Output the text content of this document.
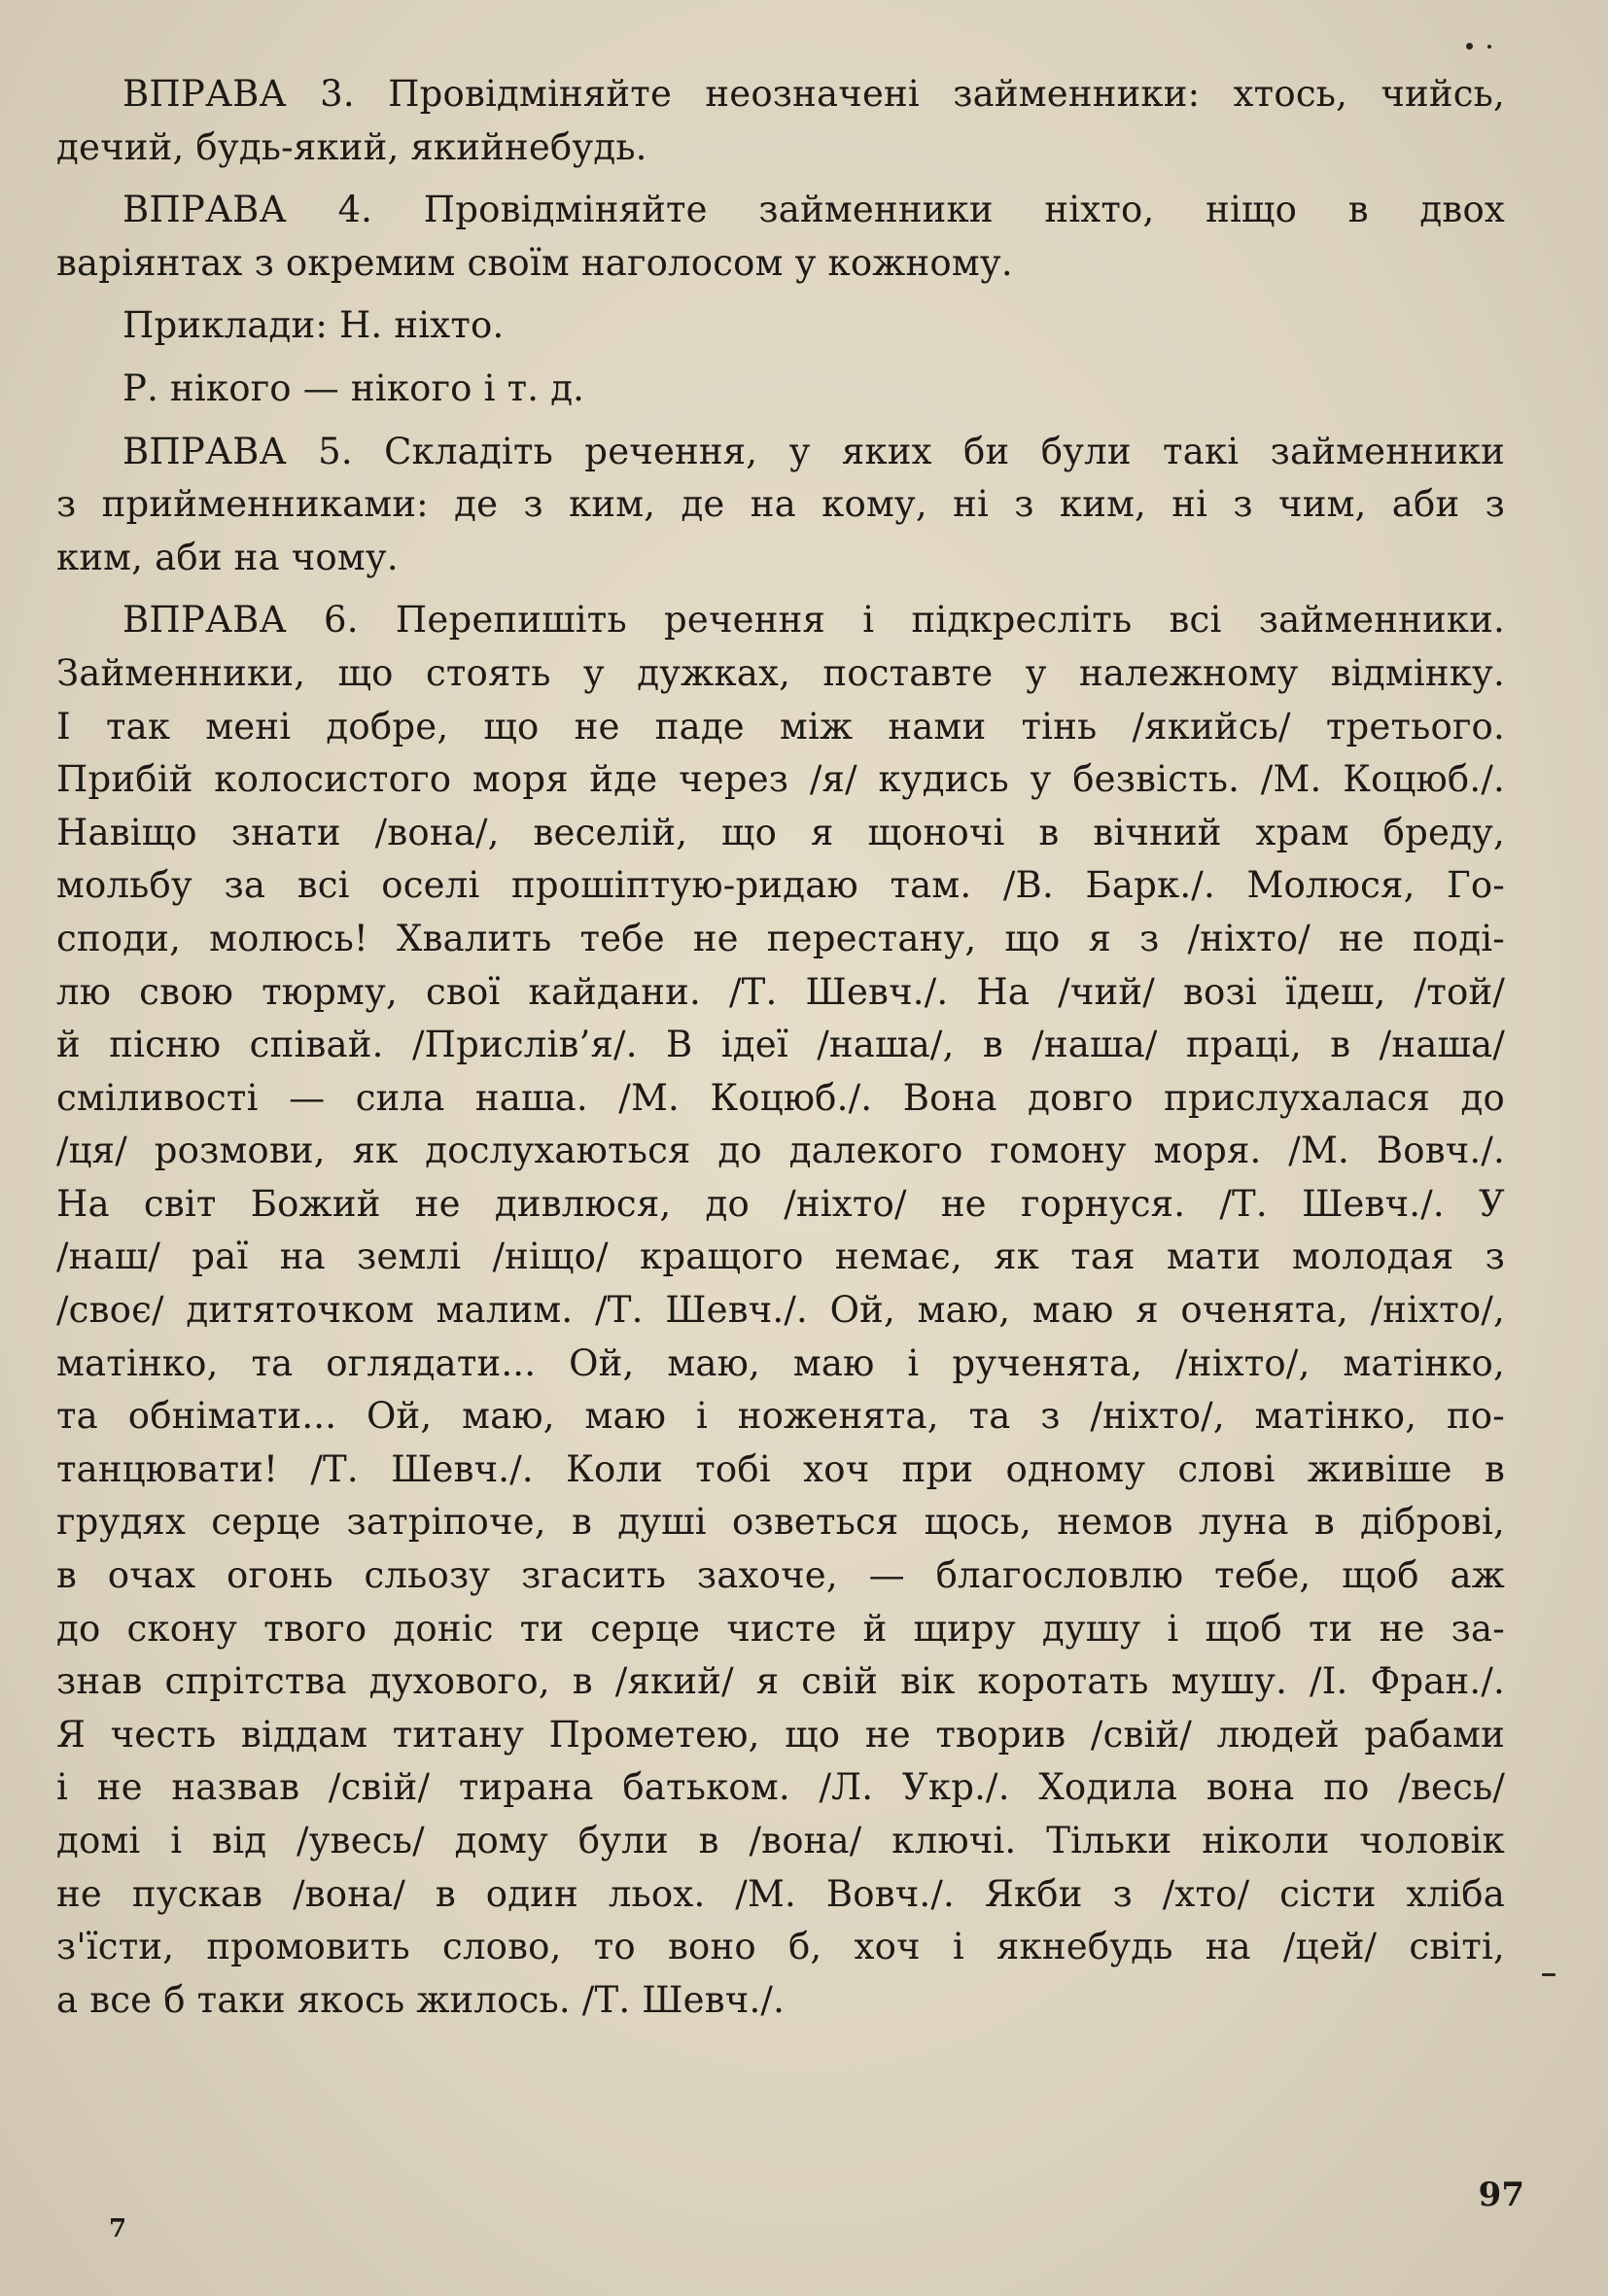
ВПРАВА 3. Провідміняйте неозначені займенники: хтось, чийсь,
дечий, будь-який, якийнебудь.
ВПРАВА 4. Провідміняйте займенники ніхто, ніщо в двох
варіянтах з окремим своїм наголосом у кожному.
Приклади: Н. ніхто.
Р. нікого — нікого і т. д.
ВПРАВА 5. Складіть речення, у яких би були такі займенники
з прийменниками: де з ким, де на кому, ні з ким, ні з чим, аби з
ким, аби на чому.
ВПРАВА 6. Перепишіть речення і підкресліть всі займенники.
Займенники, що стоять у дужках, поставте у належному відмінку.
І так мені добре, що не паде між нами тінь /якийсь/ третього.
Прибій колосистого моря йде через /я/ кудись у безвість. /М. Коцюб./.
Навіщо знати /вона/, веселій, що я щоночі в вічний храм бреду,
мольбу за всі оселі прошіптую-ридаю там. /В. Барк./. Молюся, Го-
споди, молюсь! Хвалить тебе не перестану, що я з /ніхто/ не поді-
лю свою тюрму, свої кайдани. /Т. Шевч./. На /чий/ возі їдеш, /той/
й пісню співай. /Прислів’я/. В ідеї /наша/, в /наша/ праці, в /наша/
сміливості — сила наша. /М. Коцюб./. Вона довго прислухалася до
/ця/ розмови, як дослухаються до далекого гомону моря. /М. Вовч./.
На світ Божий не дивлюся, до /ніхто/ не горнуся. /Т. Шевч./. У
/наш/ раї на землі /ніщо/ кращого немає, як тая мати молодая з
/своє/ дитяточком малим. /Т. Шевч./. Ой, маю, маю я оченята, /ніхто/,
матінко, та оглядати... Ой, маю, маю і рученята, /ніхто/, матінко,
та обнімати... Ой, маю, маю і ноженята, та з /ніхто/, матінко, по-
танцювати! /Т. Шевч./. Коли тобі хоч при одному слові живіше в
грудях серце затріпоче, в душі озветься щось, немов луна в діброві,
в очах огонь сльозу згасить захоче, — благословлю тебе, щоб аж
до скону твого доніс ти серце чисте й щиру душу і щоб ти не за-
знав спрітства духового, в /який/ я свій вік коротать мушу. /І. Фран./.
Я честь віддам титану Прометею, що не творив /свій/ людей рабами
і не назвав /свій/ тирана батьком. /Л. Укр./. Ходила вона по /весь/
домі і від /увесь/ дому були в /вона/ ключі. Тільки ніколи чоловік
не пускав /вона/ в один льох. /М. Вовч./. Якби з /хто/ сісти хліба
з'їсти, промовить слово, то воно б, хоч і якнебудь на /цей/ світі,
а все б таки якось жилось. /Т. Шевч./.
97
7
